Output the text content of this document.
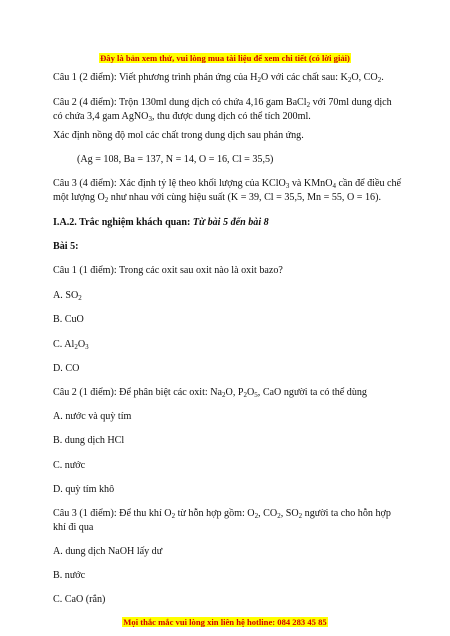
Đây là bản xem thử, vui lòng mua tài liệu để xem chi tiết (có lời giải)
Câu 1 (2 điểm): Viết phương trình phản ứng của $H_2O$ với các chất sau: $K_2O$, $CO_2$.
Câu 2 (4 điểm): Trộn 130ml dung dịch có chứa 4,16 gam BaCl$_2$ với 70ml dung dịch
có chứa 3,4 gam AgNO$_3$, thu được dung dịch có thể tích 200ml.
Xác định nồng độ mol các chất trong dung dịch sau phản ứng.
(Ag = 108, Ba = 137, N = 14, O = 16, Cl = 35,5)
Câu 3 (4 điểm): Xác định tỷ lệ theo khối lượng của KClO$_3$ và KMnO$_4$ cần để điều chế
một lượng $O_2$ như nhau với cùng hiệu suất (K = 39, Cl = 35,5, Mn = 55, O = 16).
I.A.2. Trắc nghiệm khách quan: Từ bài 5 đến bài 8
Bài 5:
Câu 1 (1 điểm): Trong các oxit sau oxit nào là oxit bazo?
A. $SO_2$
B. CuO
C. $Al_2O_3$
D. CO
Câu 2 (1 điểm): Để phân biệt các oxit: $Na_2O$, $P_2O_5$, CaO người ta có thể dùng
A. nước và quỳ tím
B. dung dịch HCl
C. nước
D. quỳ tím khô
Câu 3 (1 điểm): Để thu khí $O_2$ từ hỗn hợp gồm: $O_2$, $CO_2$, $SO_2$ người ta cho hỗn hợp
khí đi qua
A. dung dịch NaOH lấy dư
B. nước
C. CaO (rắn)
Mọi thắc mắc vui lòng xin liên hệ hotline: 084 283 45 85
